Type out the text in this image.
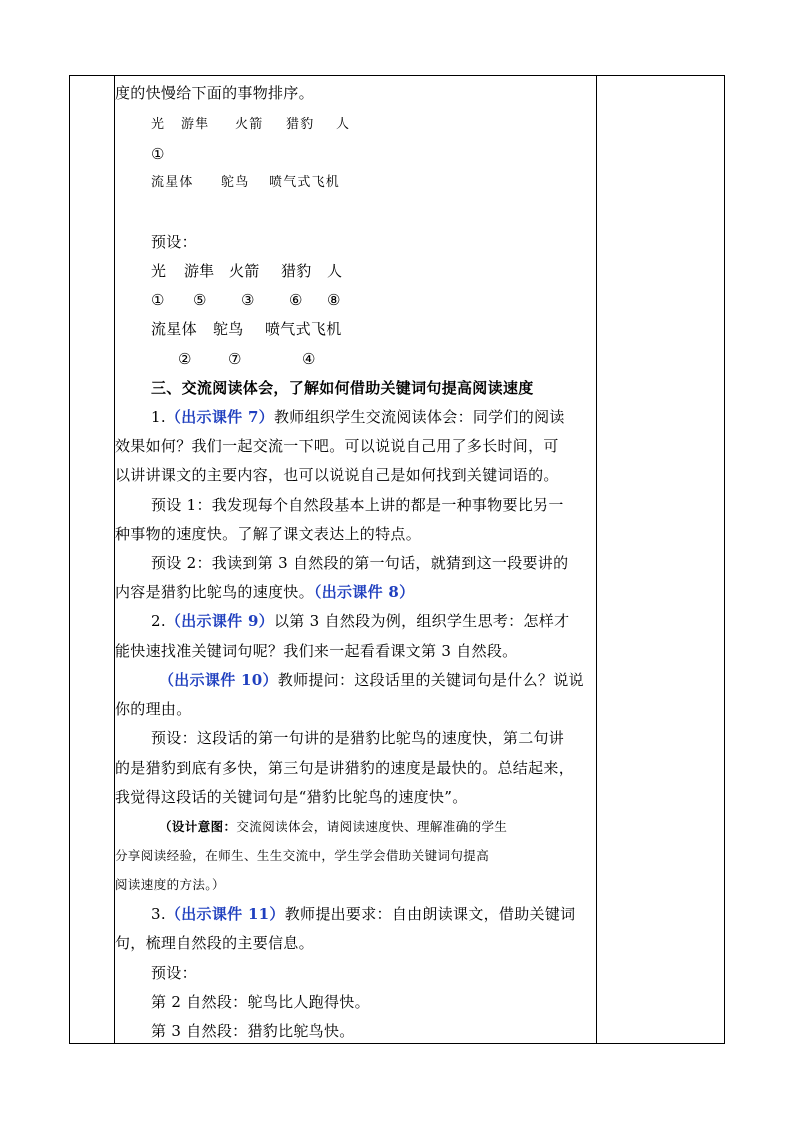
度的快慢给下面的事物排序。
光 游隼 火箭 猎豹 人
①
流星体 鸵鸟 喷气式飞机
预设：
光 游隼 火箭 猎豹 人
① ⑤ ③ ⑥ ⑧
流星体 鸵鸟 喷气式飞机
② ⑦	④
三、交流阅读体会，了解如何借助关键词句提高阅读速度
1.（出示课件 7）教师组织学生交流阅读体会：同学们的阅读
效果如何？我们一起交流一下吧。可以说说自己用了多长时间，可
以讲讲课文的主要内容，也可以说说自己是如何找到关键词语的。
预设 1：我发现每个自然段基本上讲的都是一种事物要比另一
种事物的速度快。了解了课文表达上的特点。
预设 2：我读到第 3 自然段的第一句话，就猜到这一段要讲的
内容是猎豹比鸵鸟的速度快。（出示课件 8）
2.（出示课件 9）以第 3 自然段为例，组织学生思考：怎样才
能快速找准关键词句呢？我们来一起看看课文第 3 自然段。
（出示课件 10）教师提问：这段话里的关键词句是什么？说说
你的理由。
预设：这段话的第一句讲的是猎豹比鸵鸟的速度快，第二句讲
的是猎豹到底有多快，第三句是讲猎豹的速度是最快的。总结起来，
我觉得这段话的关键词句是“猎豹比鸵鸟的速度快”。
（设计意图：交流阅读体会，请阅读速度快、理解准确的学生
分享阅读经验，在师生、生生交流中，学生学会借助关键词句提高
阅读速度的方法。）
3.（出示课件 11）教师提出要求：自由朗读课文，借助关键词
句，梳理自然段的主要信息。
预设：
第 2 自然段：鸵鸟比人跑得快。
第 3 自然段：猎豹比鸵鸟快。
